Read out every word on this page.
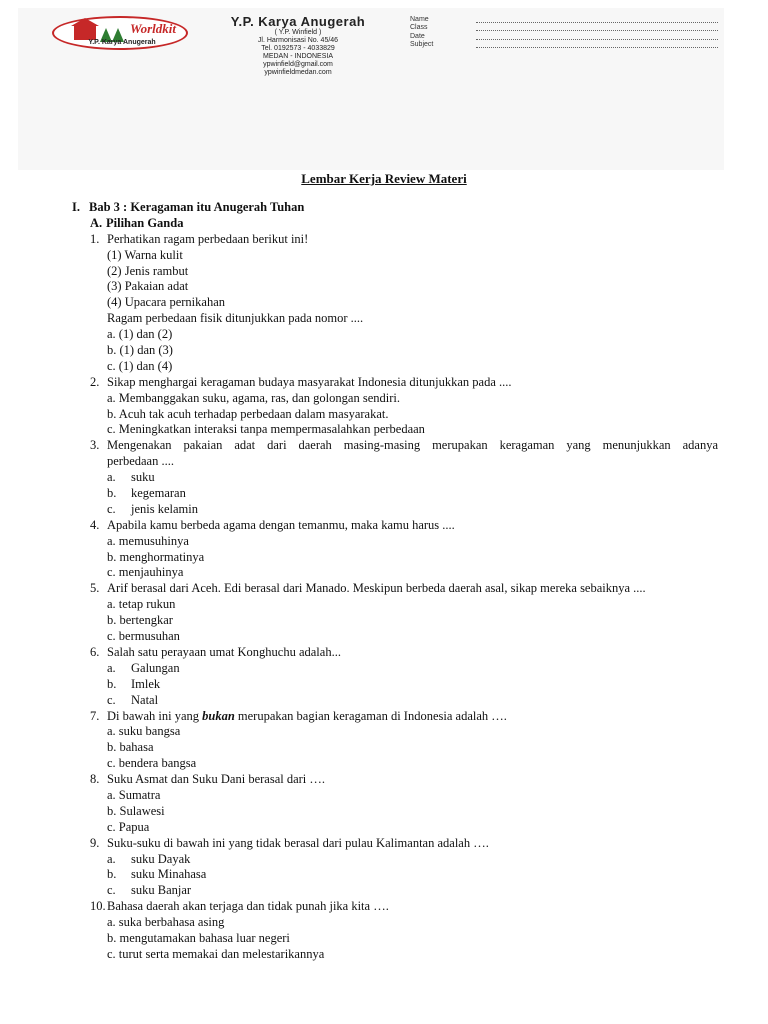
Worldkit
Y.P. Karya Anugerah
Y.P. Karya Anugerah
( Y.P. Winfield )
Jl. Harmonisasi No. 45/46
Tel. 0192573 - 4033829
MEDAN - INDONESIA
ypwinfield@gmail.com
ypwinfieldmedan.com
Name
Class
Date
Subject
Lembar Kerja Review Materi
I. Bab 3 : Keragaman itu Anugerah Tuhan
A. Pilihan Ganda
1. Perhatikan ragam perbedaan berikut ini!
(1) Warna kulit
(2) Jenis rambut
(3) Pakaian adat
(4) Upacara pernikahan
Ragam perbedaan fisik ditunjukkan pada nomor ....
a. (1) dan (2)
b. (1) dan (3)
c. (1) dan (4)
2. Sikap menghargai keragaman budaya masyarakat Indonesia ditunjukkan pada ....
a. Membanggakan suku, agama, ras, dan golongan sendiri.
b. Acuh tak acuh terhadap perbedaan dalam masyarakat.
c. Meningkatkan interaksi tanpa mempermasalahkan perbedaan
3. Mengenakan pakaian adat dari daerah masing-masing merupakan keragaman yang menunjukkan adanya
perbedaan ....
a. suku
b. kegemaran
c. jenis kelamin
4. Apabila kamu berbeda agama dengan temanmu, maka kamu harus ....
a. memusuhinya
b. menghormatinya
c. menjauhinya
5. Arif berasal dari Aceh. Edi berasal dari Manado. Meskipun berbeda daerah asal, sikap mereka sebaiknya ....
a. tetap rukun
b. bertengkar
c. bermusuhan
6. Salah satu perayaan umat Konghuchu adalah...
a. Galungan
b. Imlek
c. Natal
7. Di bawah ini yang bukan merupakan bagian keragaman di Indonesia adalah ….
a. suku bangsa
b. bahasa
c. bendera bangsa
8. Suku Asmat dan Suku Dani berasal dari ….
a. Sumatra
b. Sulawesi
c. Papua
9. Suku-suku di bawah ini yang tidak berasal dari pulau Kalimantan adalah ….
a. suku Dayak
b. suku Minahasa
c. suku Banjar
10.Bahasa daerah akan terjaga dan tidak punah jika kita ….
a. suka berbahasa asing
b. mengutamakan bahasa luar negeri
c. turut serta memakai dan melestarikannya
